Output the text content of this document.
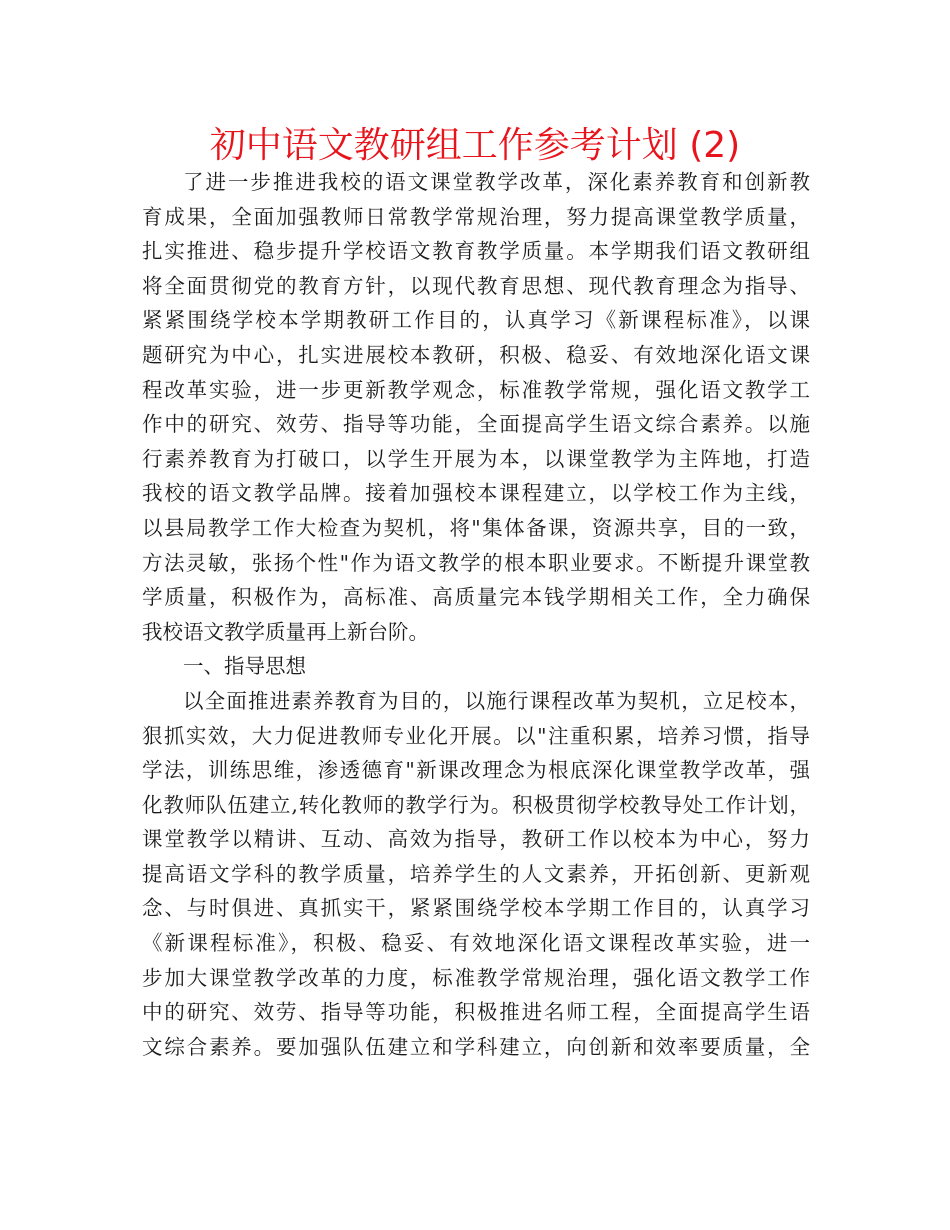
初中语文教研组工作参考计划 (2)
了进一步推进我校的语文课堂教学改革，深化素养教育和创新教
育成果，全面加强教师日常教学常规治理，努力提高课堂教学质量，
扎实推进、稳步提升学校语文教育教学质量。本学期我们语文教研组
将全面贯彻党的教育方针，以现代教育思想、现代教育理念为指导、
紧紧围绕学校本学期教研工作目的，认真学习《新课程标准》，以课
题研究为中心，扎实进展校本教研，积极、稳妥、有效地深化语文课
程改革实验，进一步更新教学观念，标准教学常规，强化语文教学工
作中的研究、效劳、指导等功能，全面提高学生语文综合素养。以施
行素养教育为打破口，以学生开展为本，以课堂教学为主阵地，打造
我校的语文教学品牌。接着加强校本课程建立，以学校工作为主线，
以县局教学工作大检查为契机，将"集体备课，资源共享，目的一致，
方法灵敏，张扬个性"作为语文教学的根本职业要求。不断提升课堂教
学质量，积极作为，高标准、高质量完本钱学期相关工作，全力确保
我校语文教学质量再上新台阶。
一、指导思想
以全面推进素养教育为目的，以施行课程改革为契机，立足校本，
狠抓实效，大力促进教师专业化开展。以"注重积累，培养习惯，指导
学法，训练思维，渗透德育"新课改理念为根底深化课堂教学改革，强
化教师队伍建立,转化教师的教学行为。积极贯彻学校教导处工作计划，
课堂教学以精讲、互动、高效为指导，教研工作以校本为中心，努力
提高语文学科的教学质量，培养学生的人文素养，开拓创新、更新观
念、与时俱进、真抓实干，紧紧围绕学校本学期工作目的，认真学习
《新课程标准》，积极、稳妥、有效地深化语文课程改革实验，进一
步加大课堂教学改革的力度，标准教学常规治理，强化语文教学工作
中的研究、效劳、指导等功能，积极推进名师工程，全面提高学生语
文综合素养。要加强队伍建立和学科建立，向创新和效率要质量，全
